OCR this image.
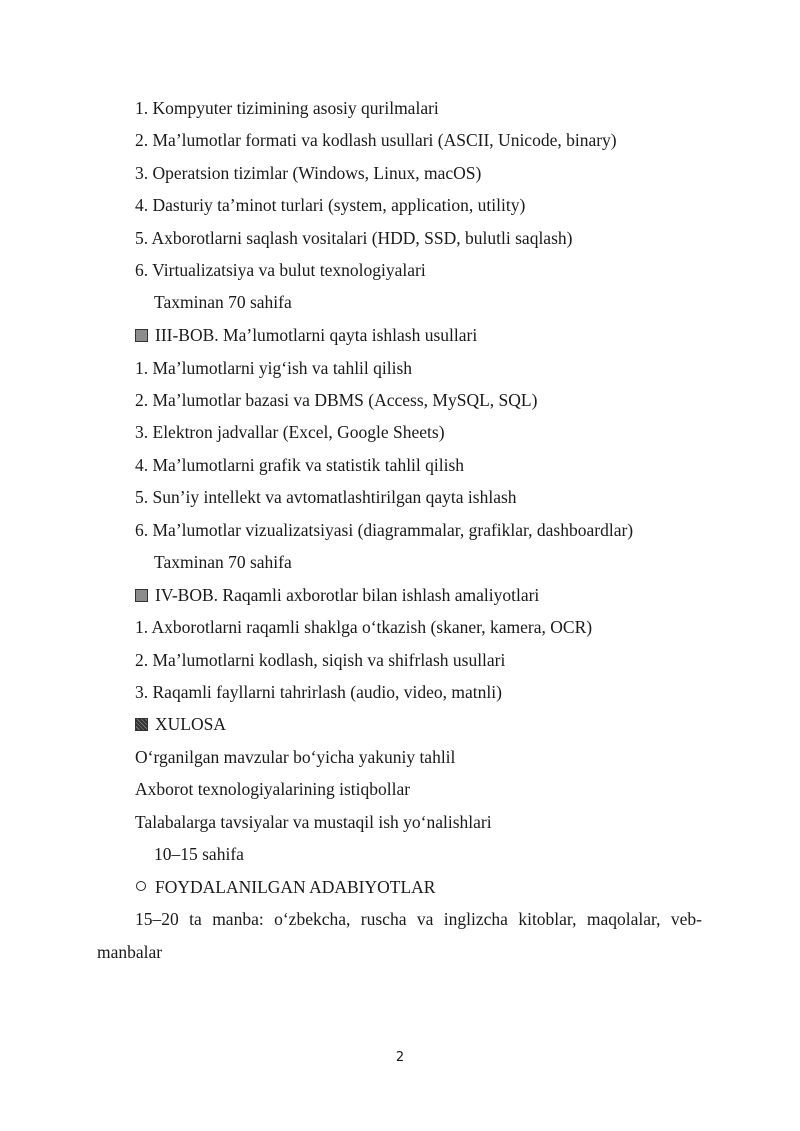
1. Kompyuter tizimining asosiy qurilmalari
2. Ma’lumotlar formati va kodlash usullari (ASCII, Unicode, binary)
3. Operatsion tizimlar (Windows, Linux, macOS)
4. Dasturiy ta’minot turlari (system, application, utility)
5. Axborotlarni saqlash vositalari (HDD, SSD, bulutli saqlash)
6. Virtualizatsiya va bulut texnologiyalari
Taxminan 70 sahifa
III-BOB. Ma’lumotlarni qayta ishlash usullari
1. Ma’lumotlarni yig‘ish va tahlil qilish
2. Ma’lumotlar bazasi va DBMS (Access, MySQL, SQL)
3. Elektron jadvallar (Excel, Google Sheets)
4. Ma’lumotlarni grafik va statistik tahlil qilish
5. Sun’iy intellekt va avtomatlashtirilgan qayta ishlash
6. Ma’lumotlar vizualizatsiyasi (diagrammalar, grafiklar, dashboardlar)
Taxminan 70 sahifa
IV-BOB. Raqamli axborotlar bilan ishlash amaliyotlari
1. Axborotlarni raqamli shaklga o‘tkazish (skaner, kamera, OCR)
2. Ma’lumotlarni kodlash, siqish va shifrlash usullari
3. Raqamli fayllarni tahrirlash (audio, video, matnli)
XULOSA
O‘rganilgan mavzular bo‘yicha yakuniy tahlil
Axborot texnologiyalarining istiqbollar
Talabalarga tavsiyalar va mustaqil ish yo‘nalishlari
10–15 sahifa
FOYDALANILGAN ADABIYOTLAR
15–20 ta manba: o‘zbekcha, ruscha va inglizcha kitoblar, maqolalar, veb-
manbalar
2
